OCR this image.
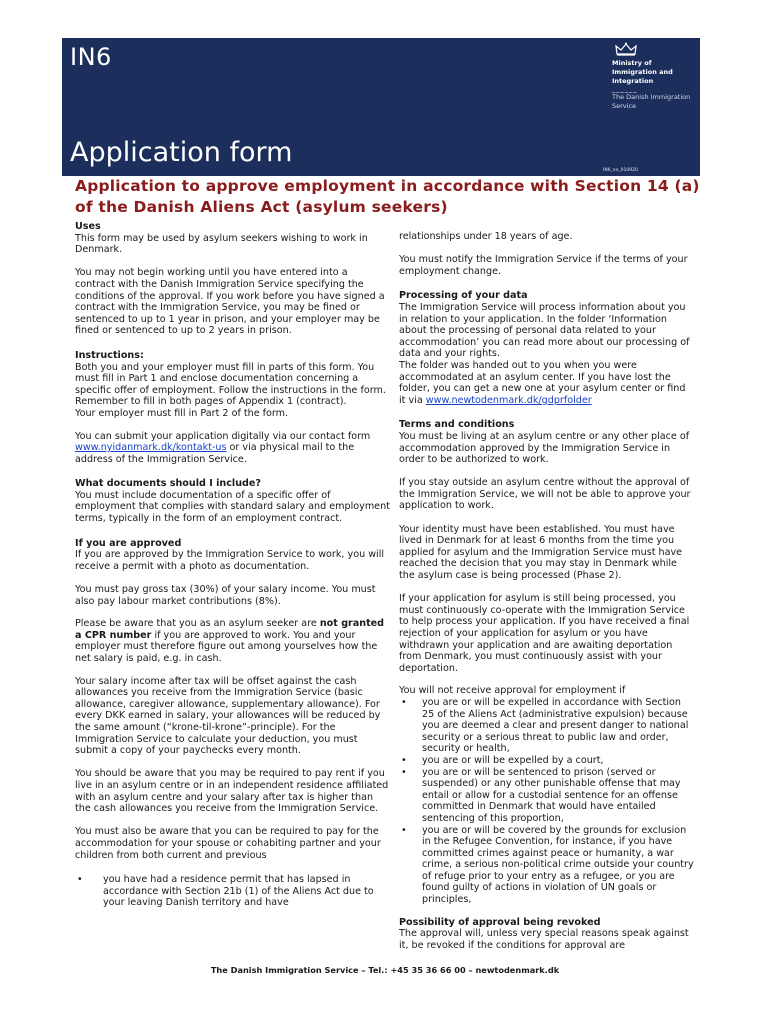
IN6
Application form
Ministry of Immigration and Integration
______
The Danish Immigration Service
IN6_en_010920
Application to approve employment in accordance with Section 14 (a) of the Danish Aliens Act (asylum seekers)
Uses

This form may be used by asylum seekers wishing to work in Denmark.

You may not begin working until you have entered into a contract with the Danish Immigration Service specifying the conditions of the approval. If you work before you have signed a contract with the Immigration Service, you may be fined or sentenced to up to 1 year in prison, and your employer may be fined or sentenced to up to 2 years in prison.

Instructions:

Both you and your employer must fill in parts of this form. You must fill in Part 1 and enclose documentation concerning a specific offer of employment. Follow the instructions in the form. Remember to fill in both pages of Appendix 1 (contract).
Your employer must fill in Part 2 of the form.

You can submit your application digitally via our contact form www.nyidanmark.dk/kontakt-us or via physical mail to the address of the Immigration Service.

What documents should I include?

You must include documentation of a specific offer of employment that complies with standard salary and employment terms, typically in the form of an employment contract.

If you are approved

If you are approved by the Immigration Service to work, you will receive a permit with a photo as documentation.

You must pay gross tax (30%) of your salary income. You must also pay labour market contributions (8%).

Please be aware that you as an asylum seeker are not granted a CPR number if you are approved to work. You and your employer must therefore figure out among yourselves how the net salary is paid, e.g. in cash.

Your salary income after tax will be offset against the cash allowances you receive from the Immigration Service (basic allowance, caregiver allowance, supplementary allowance). For every DKK earned in salary, your allowances will be reduced by the same amount (“krone-til-krone”-principle). For the Immigration Service to calculate your deduction, you must submit a copy of your paychecks every month.

You should be aware that you may be required to pay rent if you live in an asylum centre or in an independent residence affiliated with an asylum centre and your salary after tax is higher than the cash allowances you receive from the Immigration Service.

You must also be aware that you can be required to pay for the accommodation for your spouse or cohabiting partner and your children from both current and previous

• you have had a residence permit that has lapsed in accordance with Section 21b (1) of the Aliens Act due to your leaving Danish territory and have

relationships under 18 years of age.

You must notify the Immigration Service if the terms of your employment change.

Processing of your data

The Immigration Service will process information about you in relation to your application. In the folder ‘Information about the processing of personal data related to your accommodation’ you can read more about our processing of data and your rights.
The folder was handed out to you when you were accommodated at an asylum center. If you have lost the folder, you can get a new one at your asylum center or find it via www.newtodenmark.dk/gdprfolder

Terms and conditions

You must be living at an asylum centre or any other place of accommodation approved by the Immigration Service in order to be authorized to work.

If you stay outside an asylum centre without the approval of the Immigration Service, we will not be able to approve your application to work.

Your identity must have been established. You must have lived in Denmark for at least 6 months from the time you applied for asylum and the Immigration Service must have reached the decision that you may stay in Denmark while the asylum case is being processed (Phase 2).

If your application for asylum is still being processed, you must continuously co-operate with the Immigration Service to help process your application. If you have received a final rejection of your application for asylum or you have withdrawn your application and are awaiting deportation from Denmark, you must continuously assist with your deportation.

You will not receive approval for employment if

• you are or will be expelled in accordance with Section 25 of the Aliens Act (administrative expulsion) because you are deemed a clear and present danger to national security or a serious threat to public law and order, security or health,
• you are or will be expelled by a court,
• you are or will be sentenced to prison (served or suspended) or any other punishable offense that may entail or allow for a custodial sentence for an offense committed in Denmark that would have entailed sentencing of this proportion,
• you are or will be covered by the grounds for exclusion in the Refugee Convention, for instance, if you have committed crimes against peace or humanity, a war crime, a serious non-political crime outside your country of refuge prior to your entry as a refugee, or you are found guilty of actions in violation of UN goals or principles,
Possibility of approval being revoked

The approval will, unless very special reasons speak against it, be revoked if the conditions for approval are

The Danish Immigration Service – Tel.: +45 35 36 66 00 – newtodenmark.dk
